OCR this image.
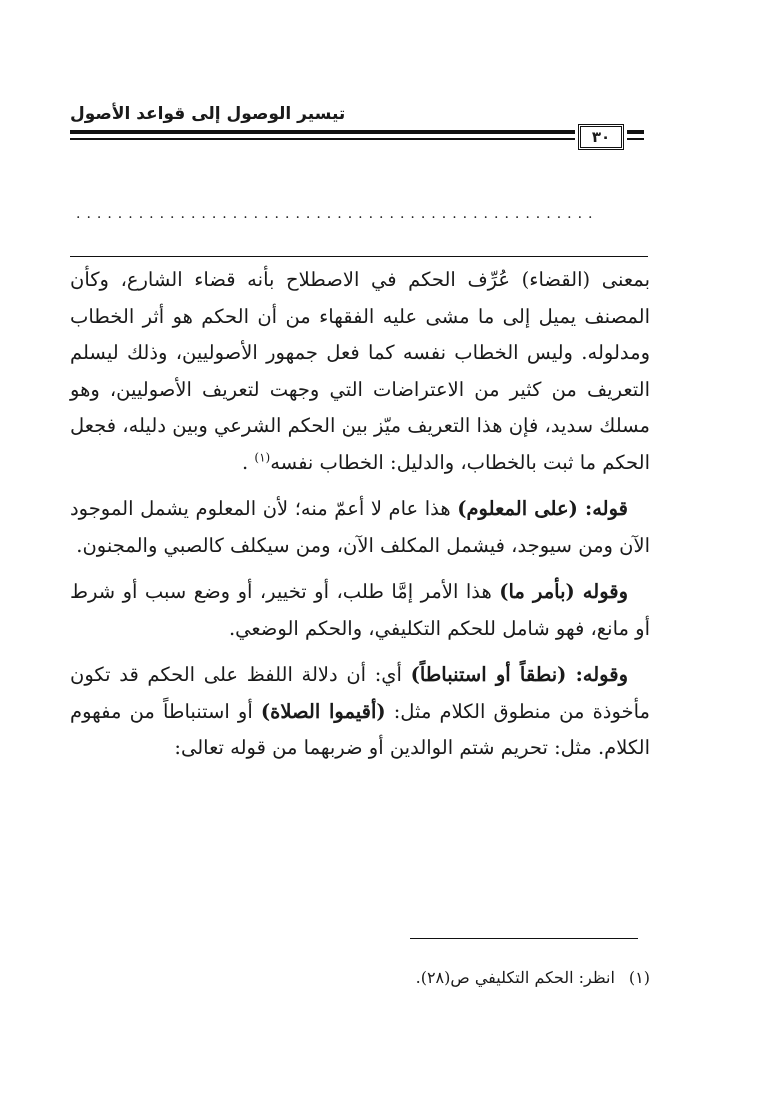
تيسير الوصول إلى قواعد الأصول
٣٠
..................................................

بمعنى (القضاء) عُرِّف الحكم في الاصطلاح بأنه قضاء الشارع، وكأن المصنف يميل إلى ما مشى عليه الفقهاء من أن الحكم هو أثر الخطاب ومدلوله. وليس الخطاب نفسه كما فعل جمهور الأصوليين، وذلك ليسلم التعريف من كثير من الاعتراضات التي وجهت لتعريف الأصوليين، وهو مسلك سديد، فإن هذا التعريف ميّز بين الحكم الشرعي وبين دليله، فجعل الحكم ما ثبت بالخطاب، والدليل: الخطاب نفسه$^{(١)}$ .

قوله: (على المعلوم) هذا عام لا أعمّ منه؛ لأن المعلوم يشمل الموجود الآن ومن سيوجد، فيشمل المكلف الآن، ومن سيكلف كالصبي والمجنون.

وقوله (بأمر ما) هذا الأمر إمَّا طلب، أو تخيير، أو وضع سبب أو شرط أو مانع، فهو شامل للحكم التكليفي، والحكم الوضعي.

وقوله: (نطقاً أو استنباطاً) أي: أن دلالة اللفظ على الحكم قد تكون مأخوذة من منطوق الكلام مثل: (أقيموا الصلاة) أو استنباطاً من مفهوم الكلام. مثل: تحريم شتم الوالدين أو ضربهما من قوله تعالى:

(١)انظر: الحكم التكليفي ص(٢٨).
